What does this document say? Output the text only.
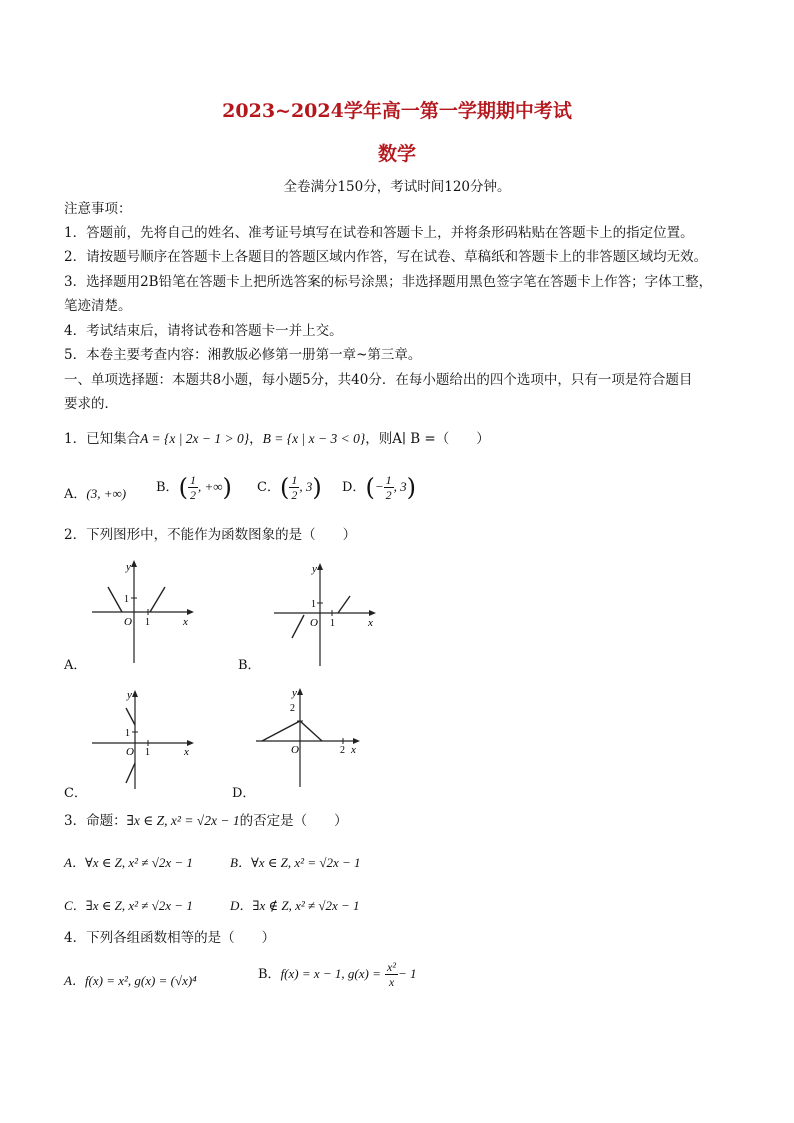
2023~2024学年高一第一学期期中考试
数学
全卷满分150分，考试时间120分钟。
注意事项：
1．答题前，先将自己的姓名、准考证号填写在试卷和答题卡上，并将条形码粘贴在答题卡上的指定位置。
2．请按题号顺序在答题卡上各题目的答题区域内作答，写在试卷、草稿纸和答题卡上的非答题区域均无效。
3．选择题用2B铅笔在答题卡上把所选答案的标号涂黑；非选择题用黑色签字笔在答题卡上作答；字体工整，
笔迹清楚。
4．考试结束后，请将试卷和答题卡一并上交。
5．本卷主要考查内容：湘教版必修第一册第一章~第三章。
一、单项选择题：本题共8小题，每小题5分，共40分．在每小题给出的四个选项中，只有一项是符合题目
要求的．
1．已知集合A = {x | 2x − 1 > 0}，B = {x | x − 3 < 0}，则A∣ B =（　　）
A．(3, +∞) B．( $\frac{1}{2}$ , +∞) C．( $\frac{1}{2}$ , 3) D．(− $\frac{1}{2}$ , 3)
2．下列图形中，不能作为函数图象的是（　　）
y
x
O 1
1
A．
y
x
O 1
1
B．
y
x
O 1
1
C．
y
x
O	2
2
D．
3．命题：∃x ∈ Z, x² = √2x − 1的否定是（　　）
A．∀x ∈ Z, x² ≠ √2x − 1	B．∀x ∈ Z, x² = √2x − 1
C．∃x ∈ Z, x² ≠ √2x − 1	D．∃x ∉ Z, x² ≠ √2x − 1
4．下列各组函数相等的是（　　）
A．f(x) = x², g(x) = (√x)⁴	B．f(x) = x − 1, $g(x) = \frac{\text{x²}}{x} - 1$
